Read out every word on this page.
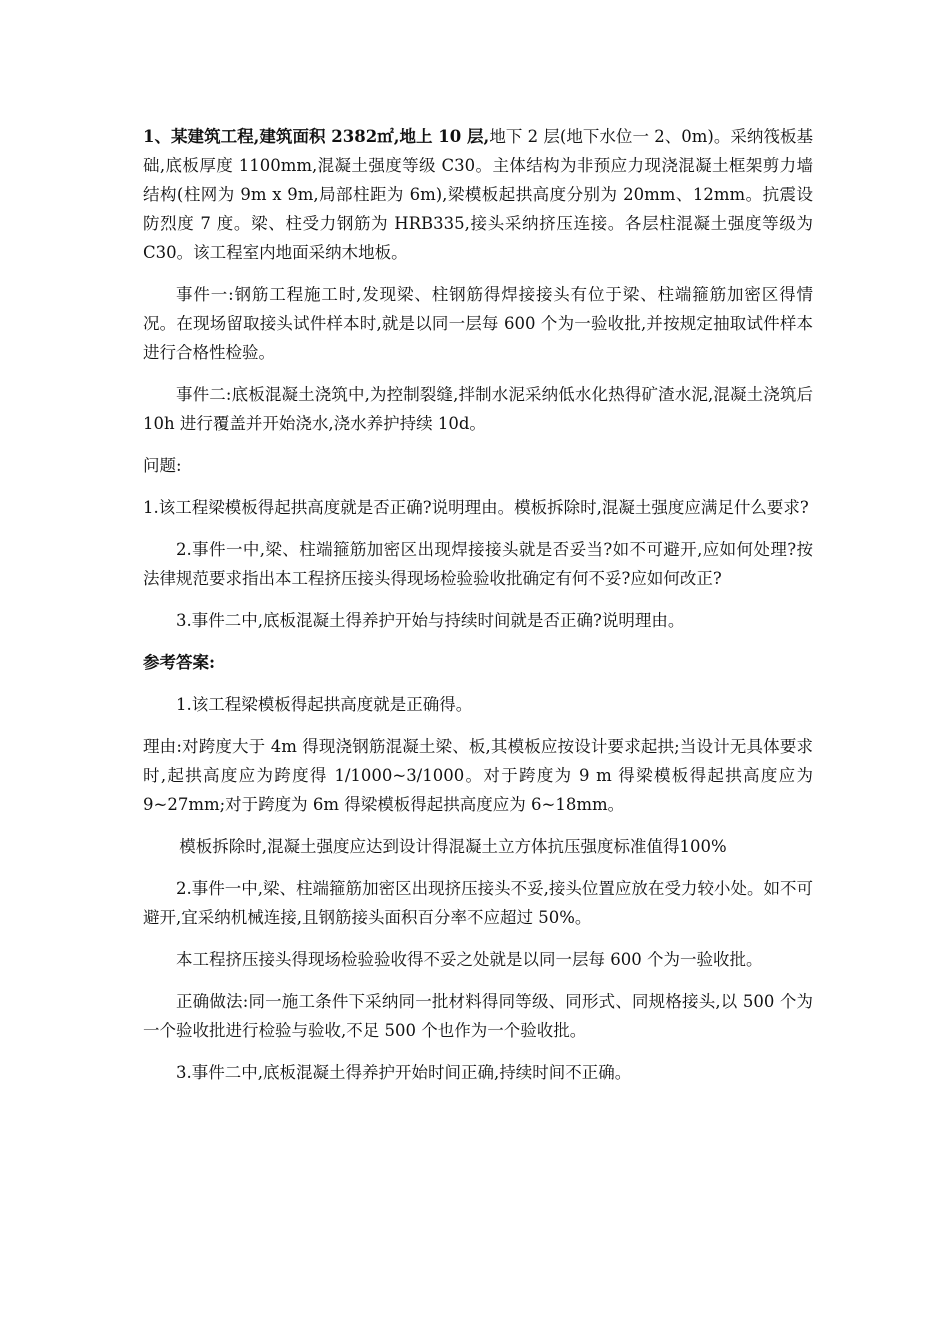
1、某建筑工程,建筑面积 2382㎡,地上 10 层,地下 2 层(地下水位一 2、0m)。采纳筏板基础,底板厚度 1100mm,混凝土强度等级 C30。主体结构为非预应力现浇混凝土框架剪力墙结构(柱网为 9m x 9m,局部柱距为 6m),梁模板起拱高度分别为 20mm、12mm。抗震设防烈度 7 度。梁、柱受力钢筋为 HRB335,接头采纳挤压连接。各层柱混凝土强度等级为 C30。该工程室内地面采纳木地板。

事件一:钢筋工程施工时,发现梁、柱钢筋得焊接接头有位于梁、柱端箍筋加密区得情况。在现场留取接头试件样本时,就是以同一层每 600 个为一验收批,并按规定抽取试件样本进行合格性检验。

事件二:底板混凝土浇筑中,为控制裂缝,拌制水泥采纳低水化热得矿渣水泥,混凝土浇筑后 10h 进行覆盖并开始浇水,浇水养护持续 10d。

问题:

1.该工程梁模板得起拱高度就是否正确?说明理由。模板拆除时,混凝土强度应满足什么要求?

2.事件一中,梁、柱端箍筋加密区出现焊接接头就是否妥当?如不可避开,应如何处理?按法律规范要求指出本工程挤压接头得现场检验验收批确定有何不妥?应如何改正?

3.事件二中,底板混凝土得养护开始与持续时间就是否正确?说明理由。

参考答案:

1.该工程梁模板得起拱高度就是正确得。

理由:对跨度大于 4m 得现浇钢筋混凝土梁、板,其模板应按设计要求起拱;当设计无具体要求时,起拱高度应为跨度得 1/1000~3/1000。对于跨度为 9 m 得梁模板得起拱高度应为 9~27mm;对于跨度为 6m 得梁模板得起拱高度应为 6~18mm。

模板拆除时,混凝土强度应达到设计得混凝土立方体抗压强度标准值得100%

2.事件一中,梁、柱端箍筋加密区出现挤压接头不妥,接头位置应放在受力较小处。如不可避开,宜采纳机械连接,且钢筋接头面积百分率不应超过 50%。

本工程挤压接头得现场检验验收得不妥之处就是以同一层每 600 个为一验收批。

正确做法:同一施工条件下采纳同一批材料得同等级、同形式、同规格接头,以 500 个为一个验收批进行检验与验收,不足 500 个也作为一个验收批。

3.事件二中,底板混凝土得养护开始时间正确,持续时间不正确。
